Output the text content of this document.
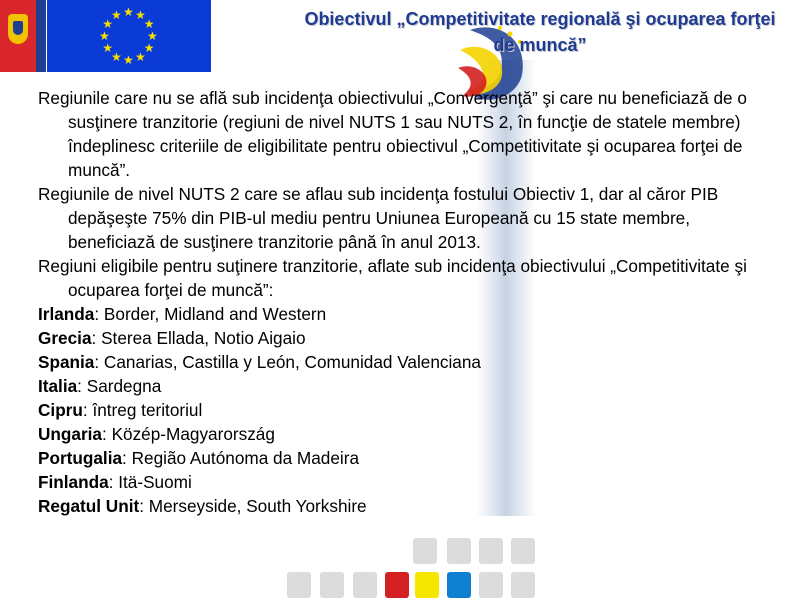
★ ★
★
★
★
★
★
★
★
★
★
★	Obiectivul „Competitivitate regională şi ocuparea forţei de muncă”

Regiunile care nu se află sub incidenţa obiectivului „Convergenţă” şi care nu beneficiază de o susţinere tranzitorie (regiuni de nivel NUTS 1 sau NUTS 2, în funcţie de statele membre) îndeplinesc criteriile de eligibilitate pentru obiectivul „Competitivitate şi ocuparea forţei de muncă”.

Regiunile de nivel NUTS 2 care se aflau sub incidenţa fostului Obiectiv 1, dar al căror PIB depăşeşte 75% din PIB-ul mediu pentru Uniunea Europeană cu 15 state membre, beneficiază de susţinere tranzitorie până în anul 2013.

Regiuni eligibile pentru suţinere tranzitorie, aflate sub incidenţa obiectivului „Competitivitate şi ocuparea forţei de muncă”:

Irlanda: Border, Midland and Western

Grecia: Sterea Ellada, Notio Aigaio

Spania: Canarias, Castilla y León, Comunidad Valenciana

Italia: Sardegna

Cipru: întreg teritoriul

Ungaria: Közép-Magyarország

Portugalia: Região Autónoma da Madeira

Finlanda: Itä-Suomi

Regatul Unit: Merseyside, South Yorkshire
